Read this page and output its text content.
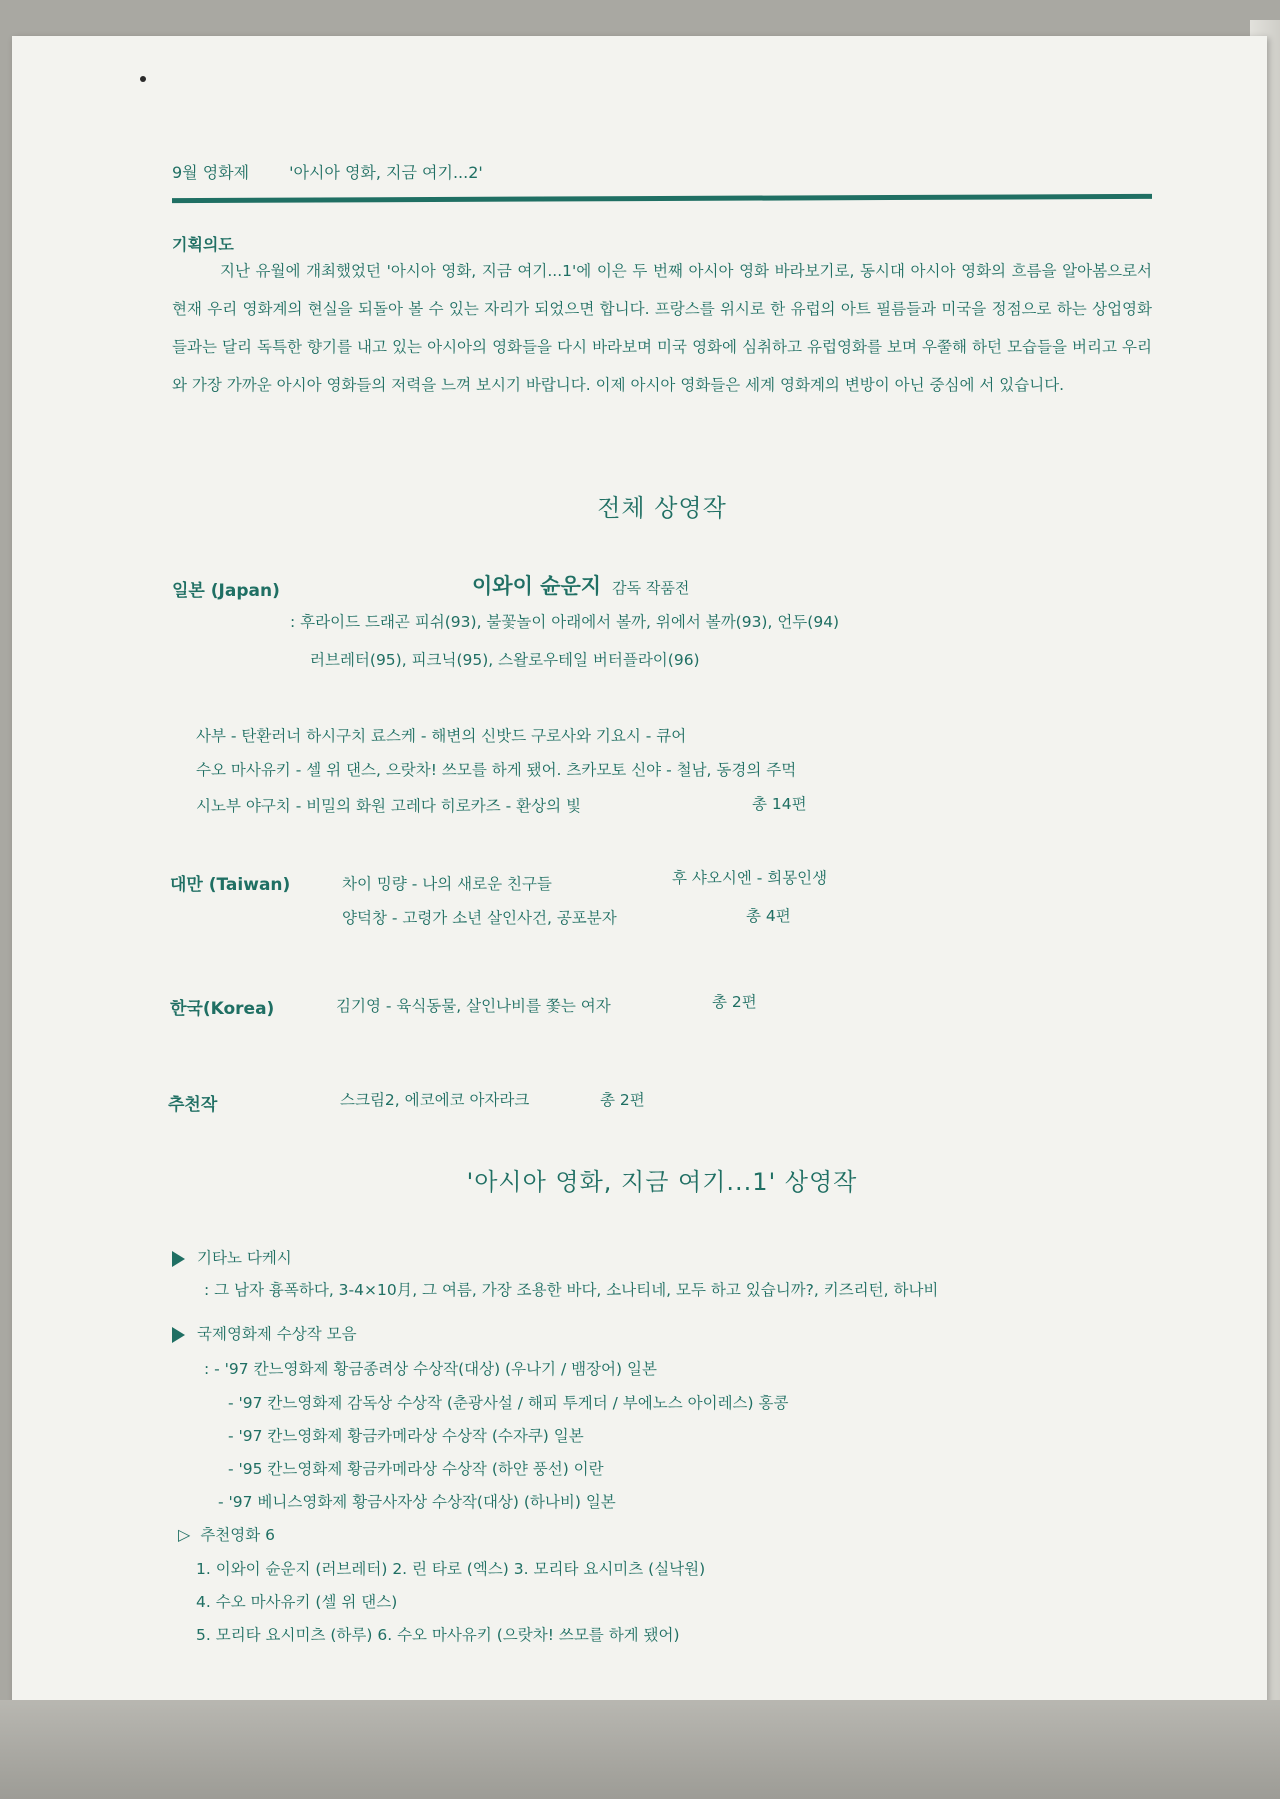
9월 영화제	'아시아 영화, 지금 여기...2'
기획의도
지난 유월에 개최했었던 '아시아 영화, 지금 여기...1'에 이은 두 번째 아시아 영화 바라보기로, 동시대 아시아 영화의 흐름을 알아봄으로서 현재 우리 영화계의 현실을 되돌아 볼 수 있는 자리가 되었으면 합니다. 프랑스를 위시로 한 유럽의 아트 필름들과 미국을 정점으로 하는 상업영화들과는 달리 독특한 향기를 내고 있는 아시아의 영화들을 다시 바라보며 미국 영화에 심취하고 유럽영화를 보며 우쭐해 하던 모습들을 버리고 우리와 가장 가까운 아시아 영화들의 저력을 느껴 보시기 바랍니다. 이제 아시아 영화들은 세계 영화계의 변방이 아닌 중심에 서 있습니다.
전체 상영작
일본 (Japan)	이와이 슌운지 감독 작품전
: 후라이드 드래곤 피쉬(93), 불꽃놀이 아래에서 볼까, 위에서 볼까(93), 언두(94)
러브레터(95), 피크닉(95), 스왈로우테일 버터플라이(96)
사부 - 탄환러너 하시구치 료스케 - 해변의 신밧드 구로사와 기요시 - 큐어
수오 마사유키 - 셀 위 댄스, 으랏차! 쓰모를 하게 됐어. 츠카모토 신야 - 철남, 동경의 주먹
시노부 야구치 - 비밀의 화원 고레다 히로카즈 - 환상의 빛	총 14편
대만 (Taiwan)	차이 밍량 - 나의 새로운 친구들	후 샤오시엔 - 희몽인생
양덕창 - 고령가 소년 살인사건, 공포분자	총 4편
한국(Korea)	김기영 - 육식동물, 살인나비를 쫓는 여자	총 2편
추천작	스크림2, 에코에코 아자라크	총 2편
'아시아 영화, 지금 여기...1' 상영작
기타노 다케시
: 그 남자 흉폭하다, 3-4×10月, 그 여름, 가장 조용한 바다, 소나티네, 모두 하고 있습니까?, 키즈리턴, 하나비
국제영화제 수상작 모음
: - '97 칸느영화제 황금종려상 수상작(대상) (우나기 / 뱀장어) 일본
- '97 칸느영화제 감독상 수상작 (춘광사설 / 해피 투게더 / 부에노스 아이레스) 홍콩
- '97 칸느영화제 황금카메라상 수상작 (수자쿠) 일본
- '95 칸느영화제 황금카메라상 수상작 (하얀 풍선) 이란
- '97 베니스영화제 황금사자상 수상작(대상) (하나비) 일본
▷ 추천영화 6
1. 이와이 슌운지 (러브레터) 2. 린 타로 (엑스) 3. 모리타 요시미츠 (실낙원)
4. 수오 마사유키 (셀 위 댄스)
5. 모리타 요시미츠 (하루) 6. 수오 마사유키 (으랏차! 쓰모를 하게 됐어)
